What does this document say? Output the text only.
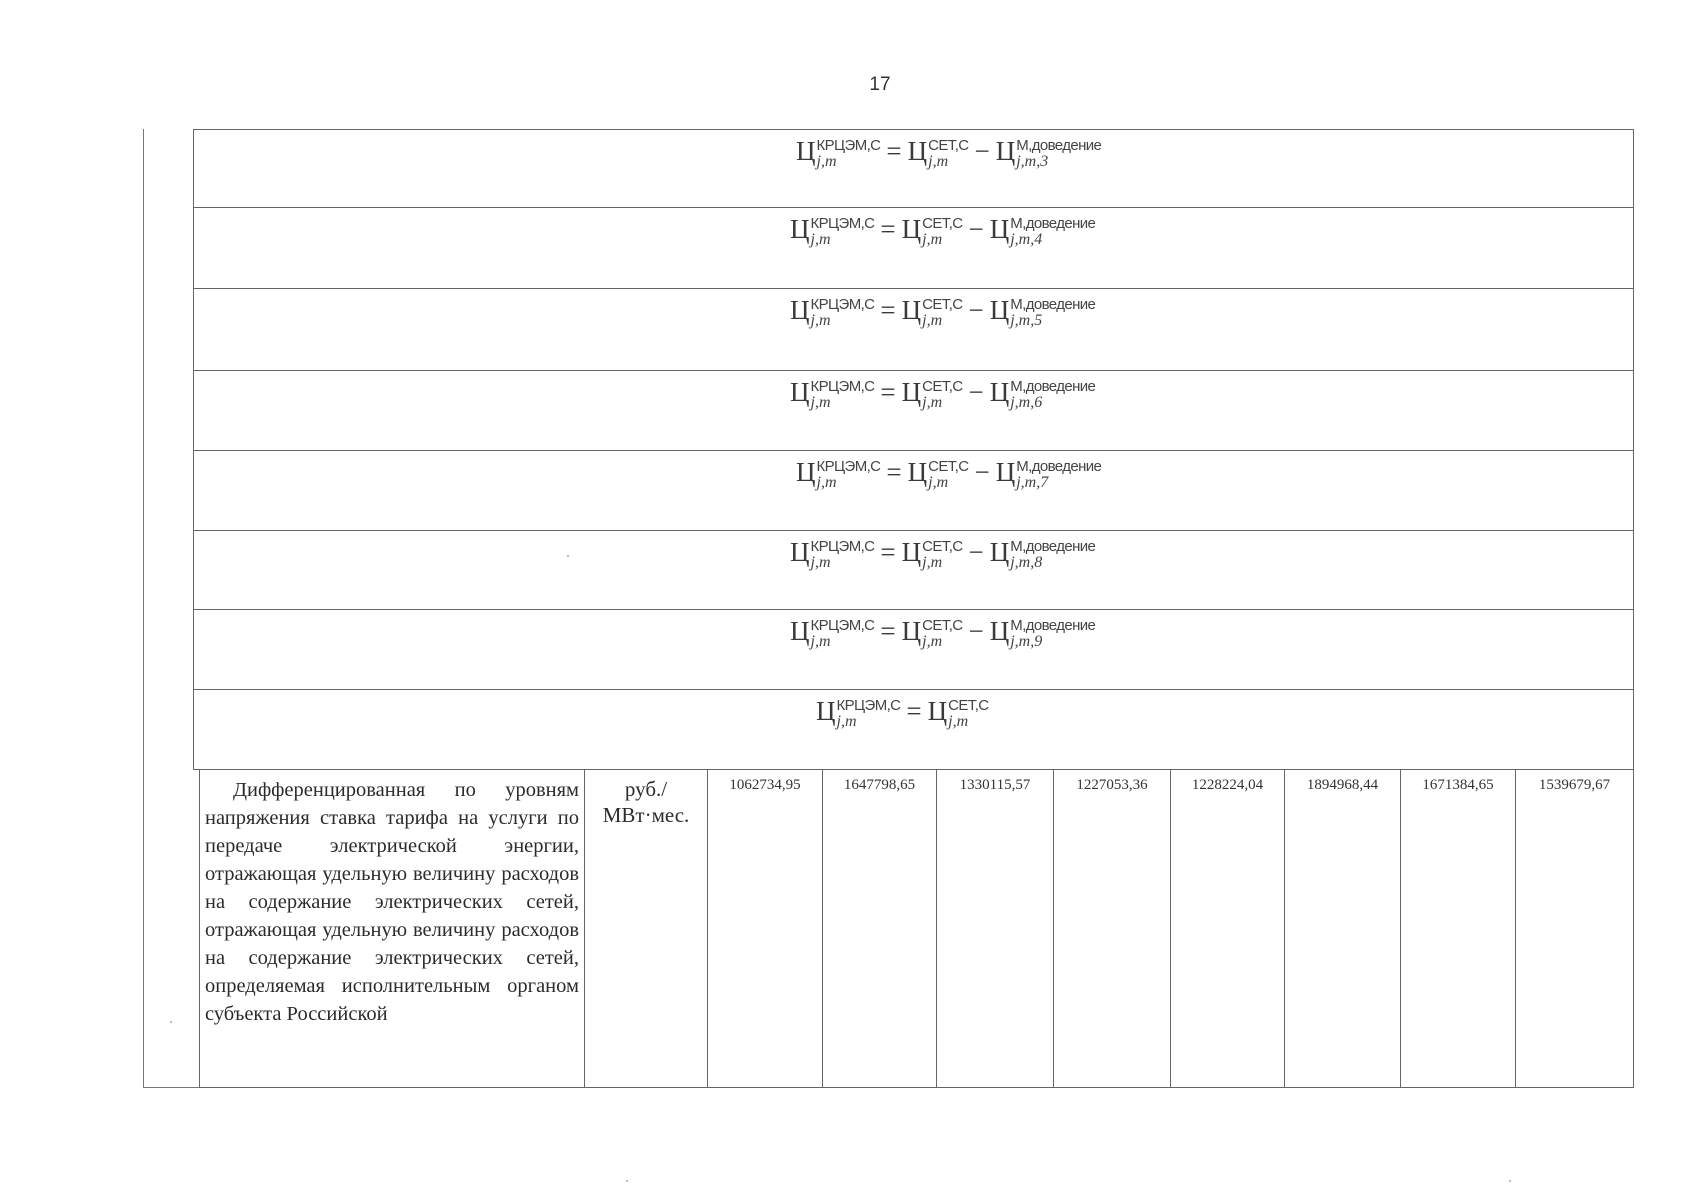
17
Ц КРЦЭМ,C
j,m	= Ц СЕТ,C
j,m − Ц М,доведение
j,m,3
Ц КРЦЭМ,C
j,m	= Ц СЕТ,C
j,m − Ц М,доведение
j,m,4
Ц КРЦЭМ,C
j,m	= Ц СЕТ,C
j,m − Ц М,доведение
j,m,5
Ц КРЦЭМ,C
j,m	= Ц СЕТ,C
j,m − Ц М,доведение
j,m,6
Ц КРЦЭМ,C
j,m	= Ц СЕТ,C
j,m − Ц М,доведение
j,m,7
Ц КРЦЭМ,C
j,m	= Ц СЕТ,C
j,m − Ц М,доведение
j,m,8
Ц КРЦЭМ,C
j,m	= Ц СЕТ,C
j,m − Ц М,доведение
j,m,9
Ц КРЦЭМ,C
j,m	= Ц СЕТ,C
j,m
Дифференцированная по уровням напряжения ставка тарифа на услуги по передаче электрической энергии, отражающая удельную величину расходов на содержание электрических сетей, отражающая удельную величину расходов на содержание электрических сетей, определяемая исполнительным органом субъекта Российской
руб./
МВт·мес.
1062734,95	1647798,65	1330115,57	1227053,36	1228224,04	1894968,44	1671384,65	1539679,67
